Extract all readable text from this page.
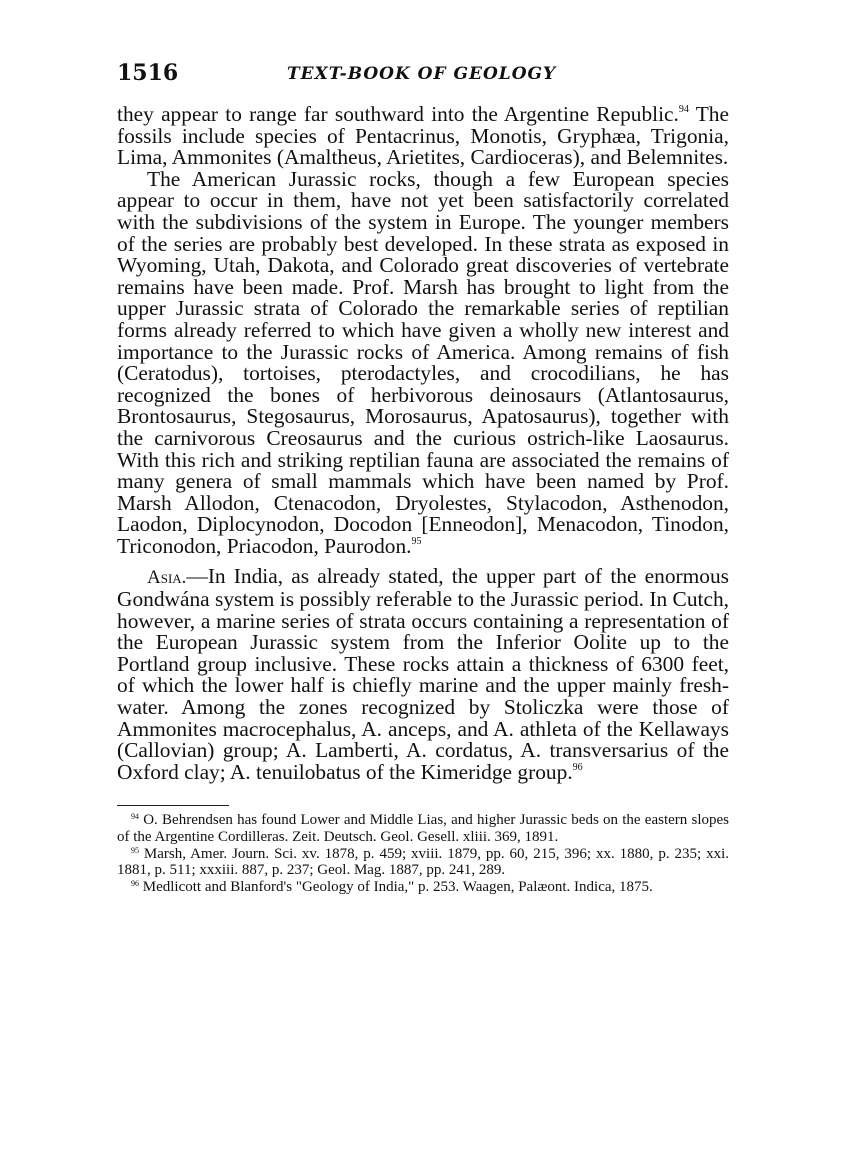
1516	TEXT-BOOK OF GEOLOGY

they appear to range far southward into the Argentine Republic.$^{94}$ The fossils include species of Pentacrinus, Monotis, Gryphæa, Trigonia, Lima, Ammonites (Amaltheus, Arietites, Cardioceras), and Belemnites.

The American Jurassic rocks, though a few European species appear to occur in them, have not yet been satisfactorily correlated with the subdivisions of the system in Europe. The younger members of the series are probably best developed. In these strata as exposed in Wyoming, Utah, Dakota, and Colorado great discoveries of vertebrate remains have been made. Prof. Marsh has brought to light from the upper Jurassic strata of Colorado the remarkable series of reptilian forms already referred to which have given a wholly new interest and importance to the Jurassic rocks of America. Among remains of fish (Ceratodus), tortoises, pterodactyles, and crocodilians, he has recognized the bones of herbivorous deinosaurs (Atlantosaurus, Brontosaurus, Stegosaurus, Morosaurus, Apatosaurus), together with the carnivorous Creosaurus and the curious ostrich-like Laosaurus. With this rich and striking reptilian fauna are associated the remains of many genera of small mammals which have been named by Prof. Marsh Allodon, Ctenacodon, Dryolestes, Stylacodon, Asthenodon, Laodon, Diplocynodon, Docodon [Enneodon], Menacodon, Tinodon, Triconodon, Priacodon, Paurodon.$^{95}$

Asia.—In India, as already stated, the upper part of the enormous Gondwána system is possibly referable to the Jurassic period. In Cutch, however, a marine series of strata occurs containing a representation of the European Jurassic system from the Inferior Oolite up to the Portland group inclusive. These rocks attain a thickness of 6300 feet, of which the lower half is chiefly marine and the upper mainly fresh-water. Among the zones recognized by Stoliczka were those of Ammonites macrocephalus, A. anceps, and A. athleta of the Kellaways (Callovian) group; A. Lamberti, A. cordatus, A. transversarius of the Oxford clay; A. tenuilobatus of the Kimeridge group.$^{96}$

$^{94}$ O. Behrendsen has found Lower and Middle Lias, and higher Jurassic beds on the eastern slopes of the Argentine Cordilleras. Zeit. Deutsch. Geol. Gesell. xliii. 369, 1891.

$^{95}$ Marsh, Amer. Journ. Sci. xv. 1878, p. 459; xviii. 1879, pp. 60, 215, 396; xx. 1880, p. 235; xxi. 1881, p. 511; xxxiii. 887, p. 237; Geol. Mag. 1887, pp. 241, 289.

$^{96}$ Medlicott and Blanford's "Geology of India," p. 253. Waagen, Palæont. Indica, 1875.
